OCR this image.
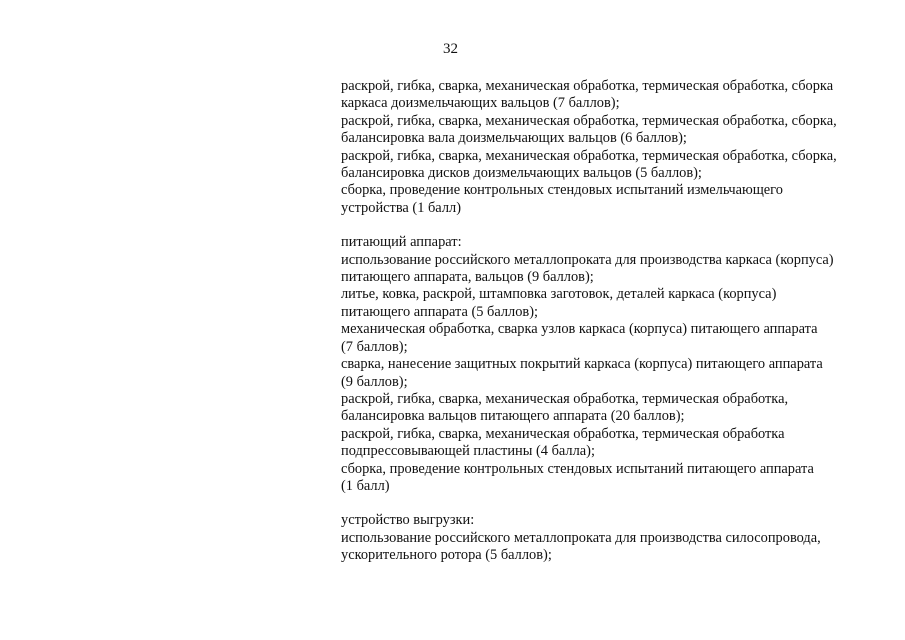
32
раскрой, гибка, сварка, механическая обработка, термическая обработка, сборка
каркаса доизмельчающих вальцов (7 баллов);
раскрой, гибка, сварка, механическая обработка, термическая обработка, сборка,
балансировка вала доизмельчающих вальцов (6 баллов);
раскрой, гибка, сварка, механическая обработка, термическая обработка, сборка,
балансировка дисков доизмельчающих вальцов (5 баллов);
сборка, проведение контрольных стендовых испытаний измельчающего
устройства (1 балл)
питающий аппарат:
использование российского металлопроката для производства каркаса (корпуса)
питающего аппарата, вальцов (9 баллов);
литье, ковка, раскрой, штамповка заготовок, деталей каркаса (корпуса)
питающего аппарата (5 баллов);
механическая обработка, сварка узлов каркаса (корпуса) питающего аппарата
(7 баллов);
сварка, нанесение защитных покрытий каркаса (корпуса) питающего аппарата
(9 баллов);
раскрой, гибка, сварка, механическая обработка, термическая обработка,
балансировка вальцов питающего аппарата (20 баллов);
раскрой, гибка, сварка, механическая обработка, термическая обработка
подпрессовывающей пластины (4 балла);
сборка, проведение контрольных стендовых испытаний питающего аппарата
(1 балл)
устройство выгрузки:
использование российского металлопроката для производства силосопровода,
ускорительного ротора (5 баллов);
